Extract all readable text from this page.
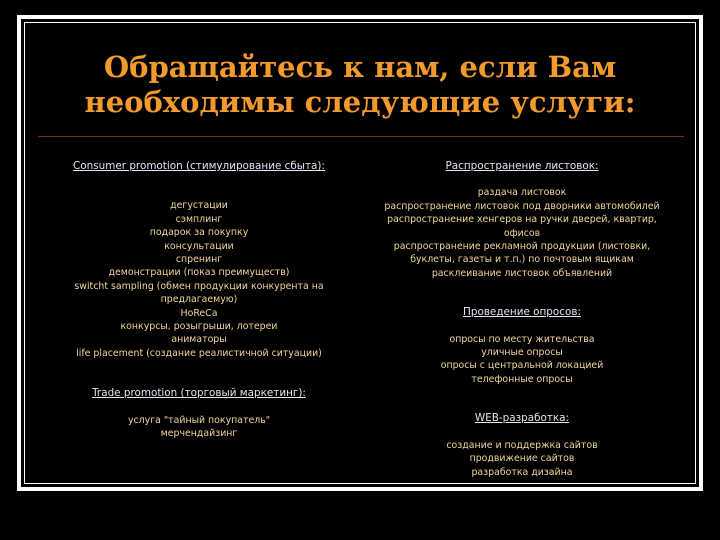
Обращайтесь к нам, если Вам
необходимы следующие услуги:
Consumer promotion (стимулирование сбыта):
дегустации
сэмплинг
подарок за покупку
консультации
спренинг
демонстрации (показ преимуществ)
switcht sampling (обмен продукции конкурента на
предлагаемую)
HoReCa
конкурсы, розыгрыши, лотереи
аниматоры
life placement (создание реалистичной ситуации)
Trade promotion (торговый маркетинг):
услуга "тайный покупатель"
мерчендайзинг
Распространение листовок:
раздача листовок
распространение листовок под дворники автомобилей
распространение хенгеров на ручки дверей, квартир,
офисов
распространение рекламной продукции (листовки,
буклеты, газеты и т.п.) по почтовым ящикам
расклеивание листовок объявлений
Проведение опросов:
опросы по месту жительства
уличные опросы
опросы с центральной локацией
телефонные опросы
WEB-разработка:
создание и поддержка сайтов
продвижение сайтов
разработка дизайна
